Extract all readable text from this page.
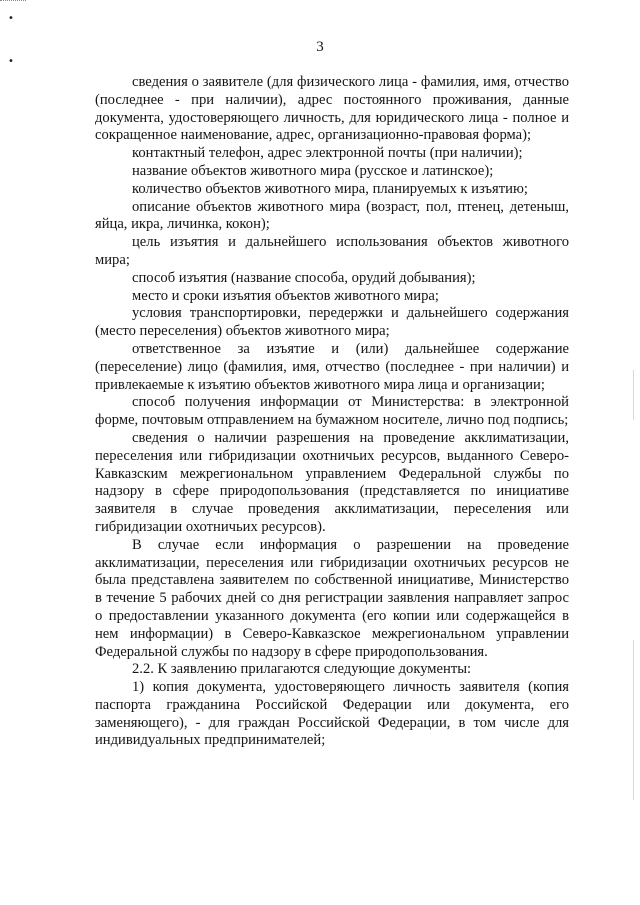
•
•
3

сведения о заявителе (для физического лица - фамилия, имя, отчество (последнее - при наличии), адрес постоянного проживания, данные документа, удостоверяющего личность, для юридического лица - полное и сокращенное наименование, адрес, организационно-правовая форма);

контактный телефон, адрес электронной почты (при наличии);

название объектов животного мира (русское и латинское);

количество объектов животного мира, планируемых к изъятию;

описание объектов животного мира (возраст, пол, птенец, детеныш, яйца, икра, личинка, кокон);

цель изъятия и дальнейшего использования объектов животного мира;

способ изъятия (название способа, орудий добывания);

место и сроки изъятия объектов животного мира;

условия транспортировки, передержки и дальнейшего содержания (место переселения) объектов животного мира;

ответственное за изъятие и (или) дальнейшее содержание (переселение) лицо (фамилия, имя, отчество (последнее - при наличии) и привлекаемые к изъятию объектов животного мира лица и организации;

способ получения информации от Министерства: в электронной форме, почтовым отправлением на бумажном носителе, лично под подпись;

сведения о наличии разрешения на проведение акклиматизации, переселения или гибридизации охотничьих ресурсов, выданного Северо-Кавказским межрегиональном управлением Федеральной службы по надзору в сфере природопользования (представляется по инициативе заявителя в случае проведения акклиматизации, переселения или гибридизации охотничьих ресурсов).

В случае если информация о разрешении на проведение акклиматизации, переселения или гибридизации охотничьих ресурсов не была представлена заявителем по собственной инициативе, Министерство в течение 5 рабочих дней со дня регистрации заявления направляет запрос о предоставлении указанного документа (его копии или содержащейся в нем информации) в Северо-Кавказское межрегиональном управлении Федеральной службы по надзору в сфере природопользования.

2.2. К заявлению прилагаются следующие документы:

1) копия документа, удостоверяющего личность заявителя (копия паспорта гражданина Российской Федерации или документа, его заменяющего), - для граждан Российской Федерации, в том числе для индивидуальных предпринимателей;
